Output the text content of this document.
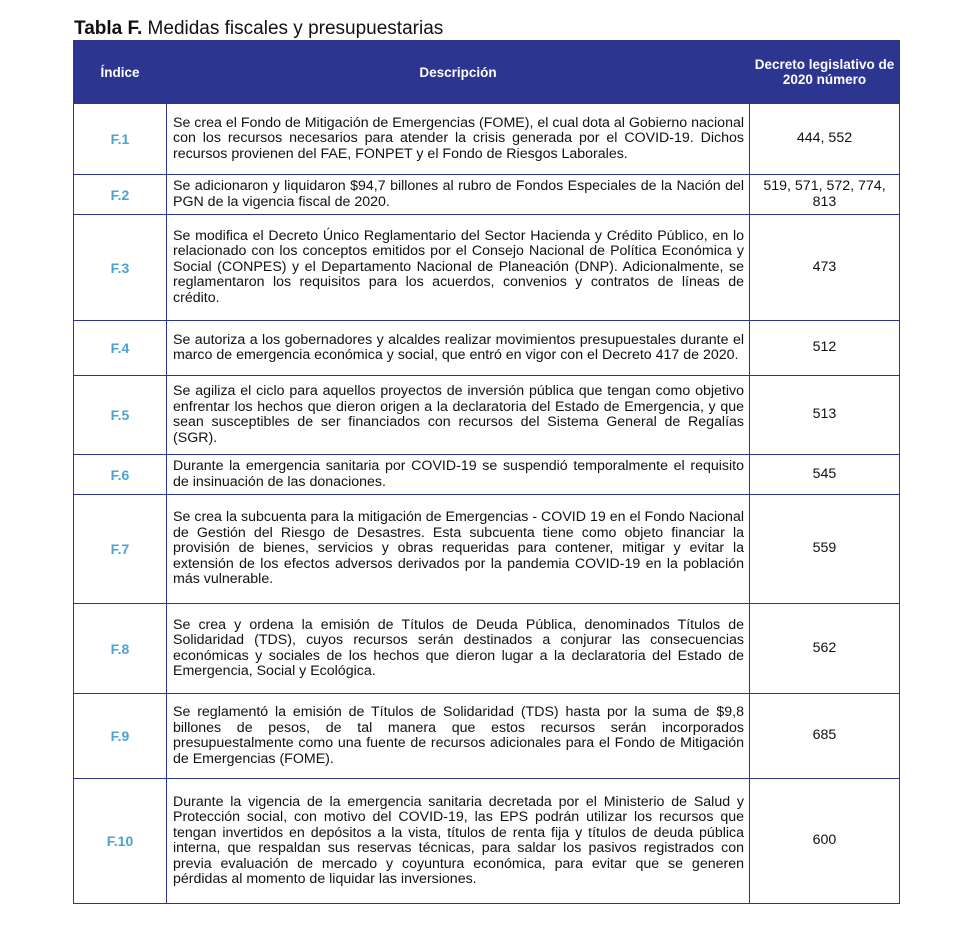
Tabla F. Medidas fiscales y presupuestarias
Índice	Descripción	Decreto legislativo de 2020 número
F.1	Se crea el Fondo de Mitigación de Emergencias (FOME), el cual dota al Gobierno nacional con los recursos necesarios para atender la crisis generada por el COVID-19. Dichos recursos provienen del FAE, FONPET y el Fondo de Riesgos Laborales.	444, 552
F.2	Se adicionaron y liquidaron $94,7 billones al rubro de Fondos Especiales de la Nación del PGN de la vigencia fiscal de 2020.	519, 571, 572, 774, 813
F.3	Se modifica el Decreto Único Reglamentario del Sector Hacienda y Crédito Público, en lo relacionado con los conceptos emitidos por el Consejo Nacional de Política Económica y Social (CONPES) y el Departamento Nacional de Planeación (DNP). Adicionalmente, se reglamentaron los requisitos para los acuerdos, convenios y contratos de líneas de crédito.	473
F.4	Se autoriza a los gobernadores y alcaldes realizar movimientos presupuestales durante el marco de emergencia económica y social, que entró en vigor con el Decreto 417 de 2020.	512
F.5	Se agiliza el ciclo para aquellos proyectos de inversión pública que tengan como objetivo enfrentar los hechos que dieron origen a la declaratoria del Estado de Emergencia, y que sean susceptibles de ser financiados con recursos del Sistema General de Regalías (SGR).	513
F.6	Durante la emergencia sanitaria por COVID-19 se suspendió temporalmente el requisito de insinuación de las donaciones.	545
F.7	Se crea la subcuenta para la mitigación de Emergencias - COVID 19 en el Fondo Nacional de Gestión del Riesgo de Desastres. Esta subcuenta tiene como objeto financiar la provisión de bienes, servicios y obras requeridas para contener, mitigar y evitar la extensión de los efectos adversos derivados por la pandemia COVID-19 en la población más vulnerable.	559
F.8	Se crea y ordena la emisión de Títulos de Deuda Pública, denominados Títulos de Solidaridad (TDS), cuyos recursos serán destinados a conjurar las consecuencias económicas y sociales de los hechos que dieron lugar a la declaratoria del Estado de Emergencia, Social y Ecológica.	562
F.9	Se reglamentó la emisión de Títulos de Solidaridad (TDS) hasta por la suma de $9,8 billones de pesos, de tal manera que estos recursos serán incorporados presupuestalmente como una fuente de recursos adicionales para el Fondo de Mitigación de Emergencias (FOME).	685
F.10	Durante la vigencia de la emergencia sanitaria decretada por el Ministerio de Salud y Protección social, con motivo del COVID-19, las EPS podrán utilizar los recursos que tengan invertidos en depósitos a la vista, títulos de renta fija y títulos de deuda pública interna, que respaldan sus reservas técnicas, para saldar los pasivos registrados con previa evaluación de mercado y coyuntura económica, para evitar que se generen pérdidas al momento de liquidar las inversiones.	600
